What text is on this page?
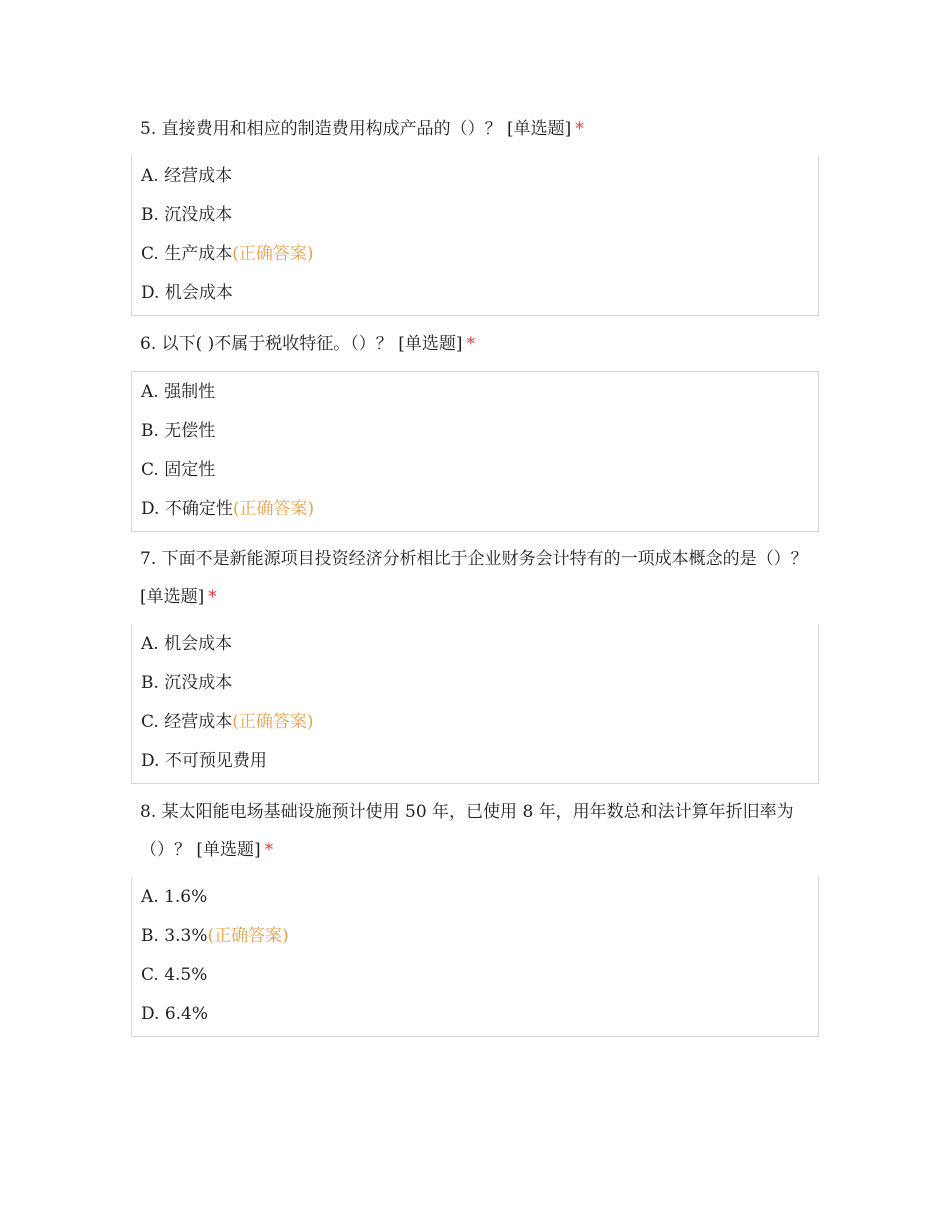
5. 直接费用和相应的制造费用构成产品的（）？ [单选题] *
A. 经营成本
B. 沉没成本
C. 生产成本(正确答案)
D. 机会成本
6. 以下( )不属于税收特征。（）？ [单选题] *
A. 强制性
B. 无偿性
C. 固定性
D. 不确定性(正确答案)
7. 下面不是新能源项目投资经济分析相比于企业财务会计特有的一项成本概念的是（）？ [单选题] *
A. 机会成本
B. 沉没成本
C. 经营成本(正确答案)
D. 不可预见费用
8. 某太阳能电场基础设施预计使用 50 年，已使用 8 年，用年数总和法计算年折旧率为（）？ [单选题] *
A. 1.6%
B. 3.3%(正确答案)
C. 4.5%
D. 6.4%
